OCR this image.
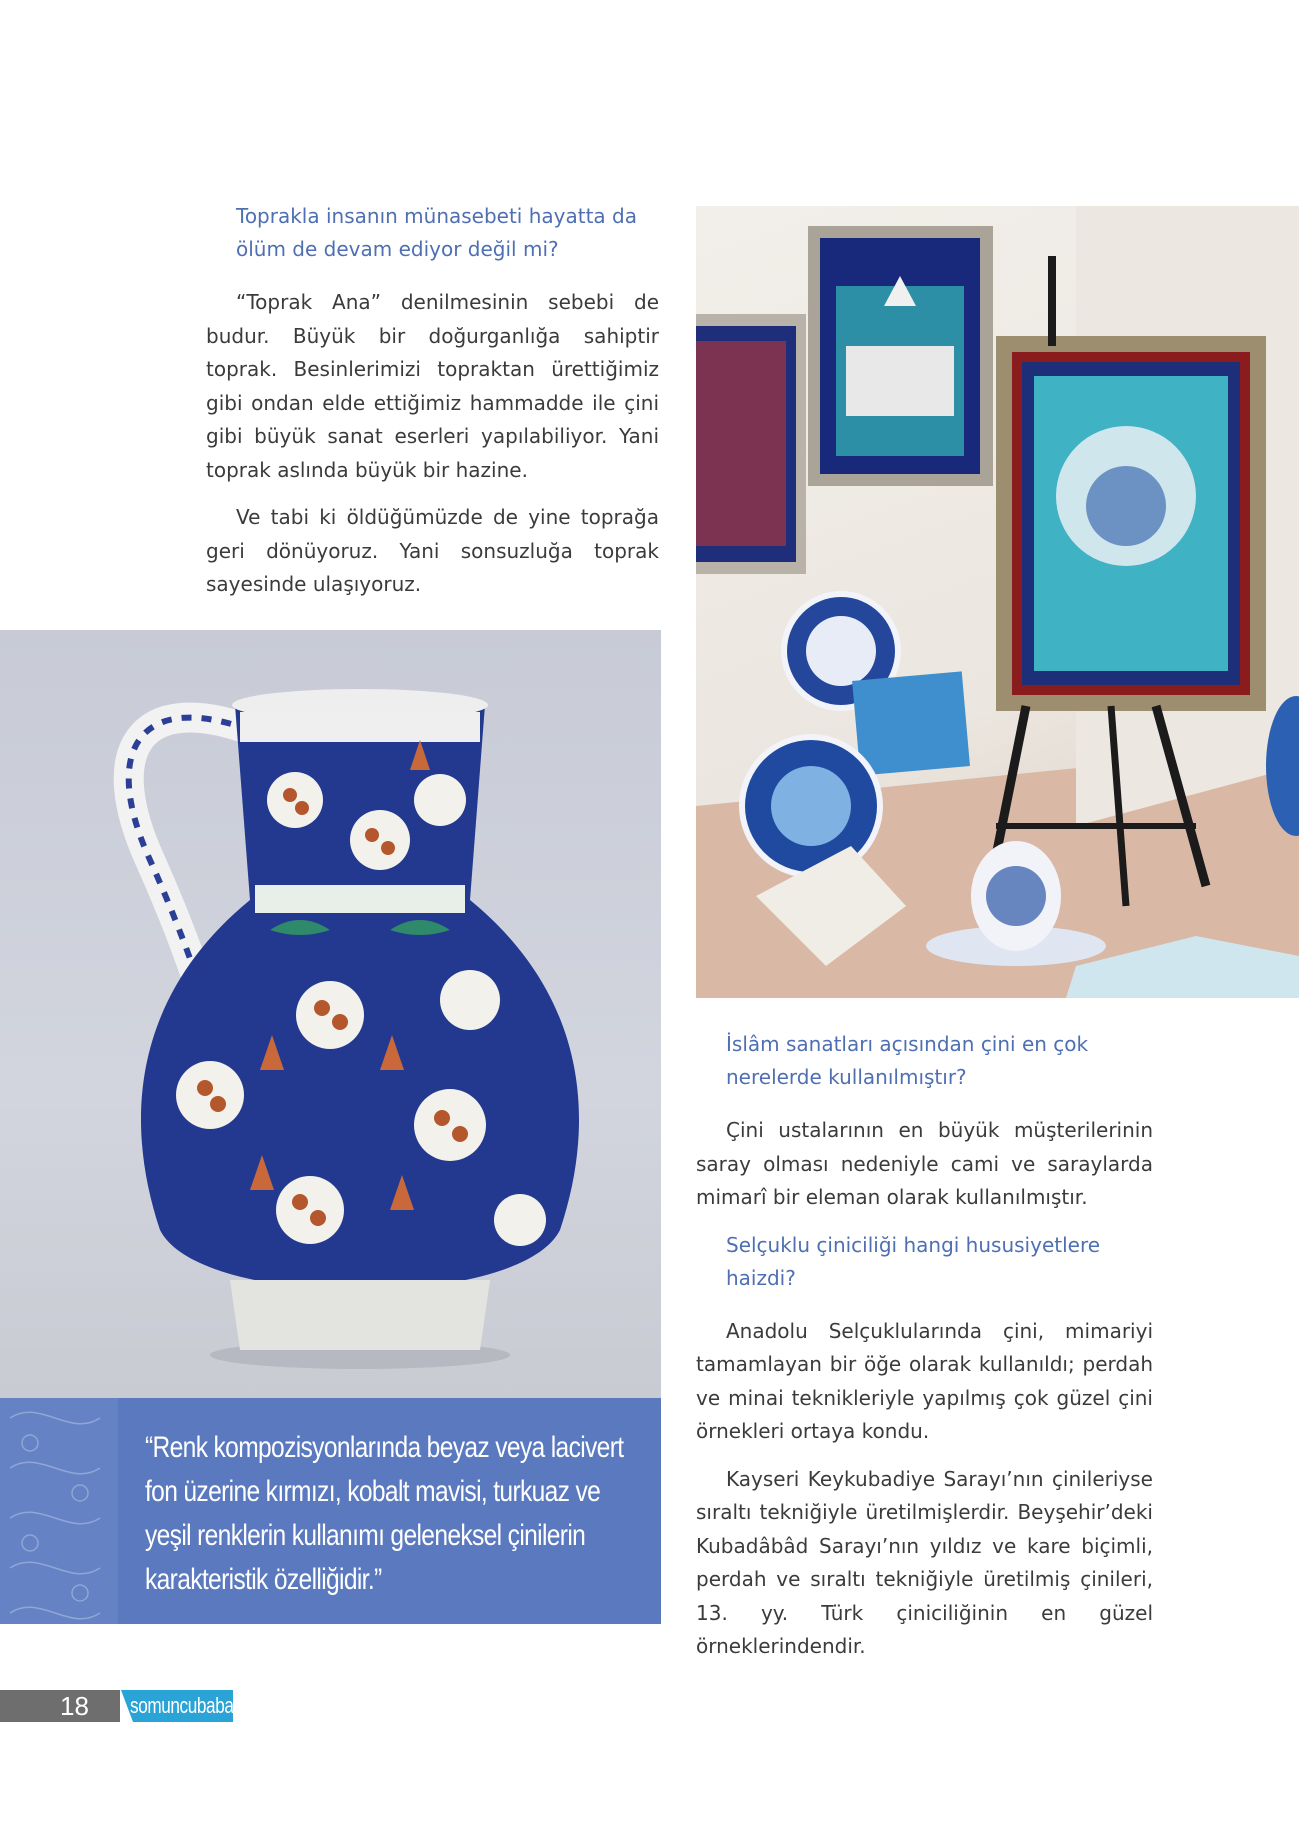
Toprakla insanın münasebeti hayatta da ölüm de devam ediyor değil mi?

“Toprak Ana” denilmesinin sebebi de budur. Büyük bir doğurganlığa sahiptir toprak. Besinlerimizi topraktan ürettiğimiz gibi ondan elde ettiğimiz hammadde ile çini gibi büyük sanat eserleri yapılabiliyor. Yani toprak aslında büyük bir hazine.

Ve tabi ki öldüğümüzde de yine toprağa geri dönüyoruz. Yani sonsuzluğa toprak sayesinde ulaşıyoruz.

İslâm sanatları açısından çini en çok nerelerde kullanılmıştır?

Çini ustalarının en büyük müşterilerinin saray olması nedeniyle cami ve saraylarda mimarî bir eleman olarak kullanılmıştır.

Selçuklu çiniciliği hangi hususiyetlere haizdi?

Anadolu Selçuklularında çini, mimariyi tamamlayan bir öğe olarak kullanıldı; perdah ve minai teknikleriyle yapılmış çok güzel çini örnekleri ortaya kondu.

Kayseri Keykubadiye Sarayı’nın çinileriyse sıraltı tekniğiyle üretilmişlerdir. Beyşehir’deki Kubadâbâd Sarayı’nın yıldız ve kare biçimli, perdah ve sıraltı tekniğiyle üretilmiş çinileri, 13. yy. Türk çiniciliğinin en güzel örneklerindendir.

“Renk kompozisyonlarında beyaz veya lacivert fon üzerine kırmızı, kobalt mavisi, turkuaz ve yeşil renklerin kullanımı geleneksel çinilerin karakteristik özelliğidir.”
18 somuncubaba
